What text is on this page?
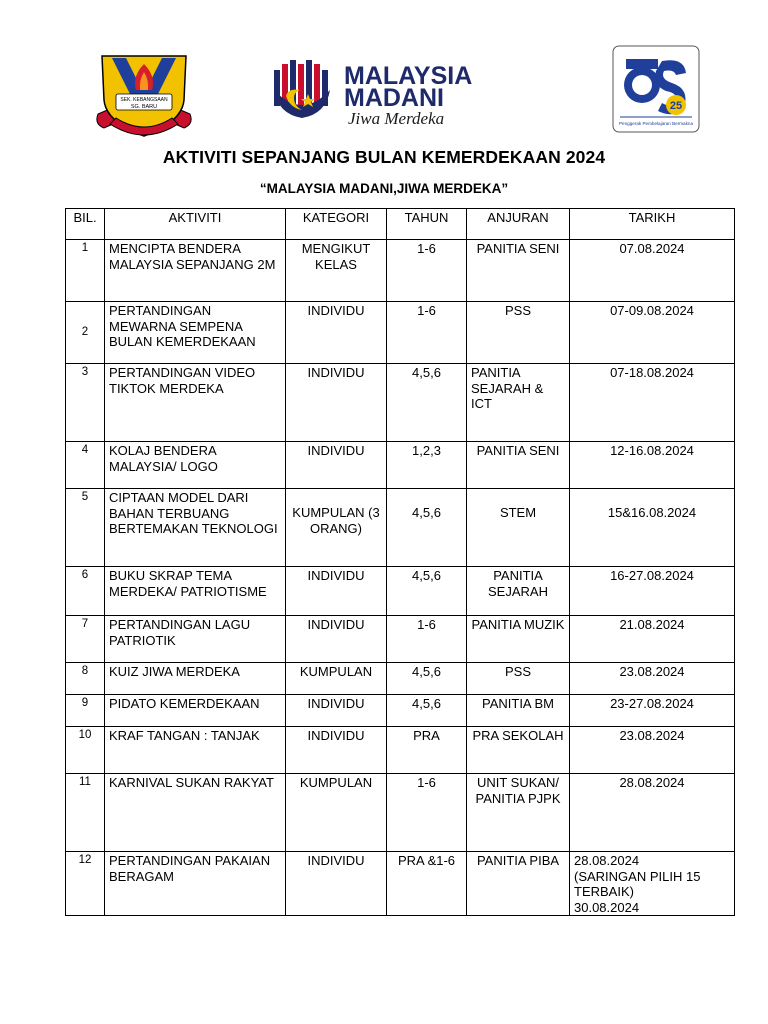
SEK. KEBANGSAAN
SG. BARU
MALAYSIA
MADANI
Jiwa Merdeka
25
Penggerak Pembelajaran Bermakna
AKTIVITI SEPANJANG BULAN KEMERDEKAAN 2024
“MALAYSIA MADANI,JIWA MERDEKA”
BIL.	AKTIVITI	KATEGORI	TAHUN	ANJURAN	TARIKH
1	MENCIPTA BENDERA MALAYSIA SEPANJANG 2M	MENGIKUT KELAS	1-6	PANITIA SENI	07.08.2024
2	PERTANDINGAN MEWARNA SEMPENA BULAN KEMERDEKAAN	INDIVIDU	1-6	PSS	07-09.08.2024
3	PERTANDINGAN VIDEO TIKTOK MERDEKA	INDIVIDU	4,5,6	PANITIA SEJARAH & ICT	07-18.08.2024
4	KOLAJ BENDERA MALAYSIA/ LOGO	INDIVIDU	1,2,3	PANITIA SENI	12-16.08.2024
5	CIPTAAN MODEL DARI BAHAN TERBUANG BERTEMAKAN TEKNOLOGI	KUMPULAN (3 ORANG)	4,5,6	STEM	15&16.08.2024
6	BUKU SKRAP TEMA MERDEKA/ PATRIOTISME	INDIVIDU	4,5,6	PANITIA SEJARAH	16-27.08.2024
7	PERTANDINGAN LAGU PATRIOTIK	INDIVIDU	1-6	PANITIA MUZIK	21.08.2024
8	KUIZ JIWA MERDEKA	KUMPULAN	4,5,6	PSS	23.08.2024
9	PIDATO KEMERDEKAAN	INDIVIDU	4,5,6	PANITIA BM	23-27.08.2024
10	KRAF TANGAN : TANJAK	INDIVIDU	PRA	PRA SEKOLAH	23.08.2024
11	KARNIVAL SUKAN RAKYAT	KUMPULAN	1-6	UNIT SUKAN/ PANITIA PJPK	28.08.2024
12	PERTANDINGAN PAKAIAN BERAGAM	INDIVIDU	PRA &1-6	PANITIA PIBA	28.08.2024
(SARINGAN PILIH 15 TERBAIK)
30.08.2024
